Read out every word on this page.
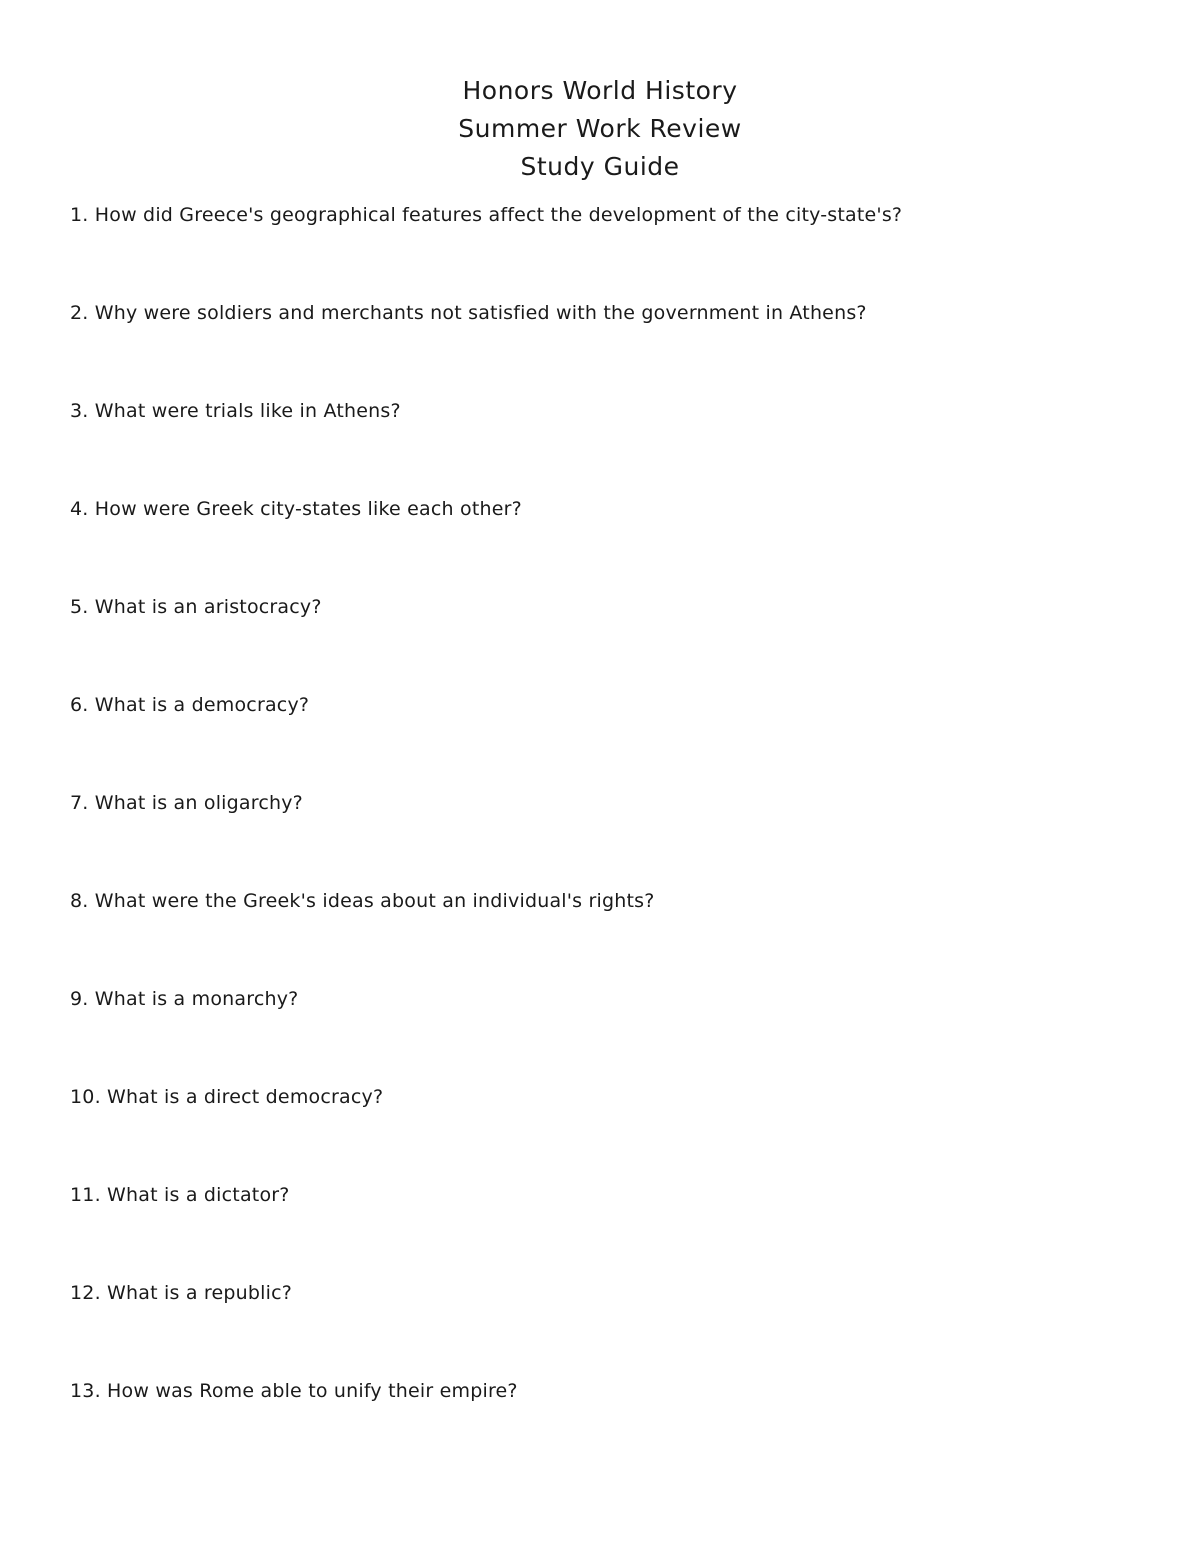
Honors World History
Summer Work Review
Study Guide
1. How did Greece's geographical features affect the development of the city-state's?
2. Why were soldiers and merchants not satisfied with the government in Athens?
3. What were trials like in Athens?
4. How were Greek city-states like each other?
5. What is an aristocracy?
6. What is a democracy?
7. What is an oligarchy?
8. What were the Greek's ideas about an individual's rights?
9. What is a monarchy?
10. What is a direct democracy?
11. What is a dictator?
12. What is a republic?
13. How was Rome able to unify their empire?
